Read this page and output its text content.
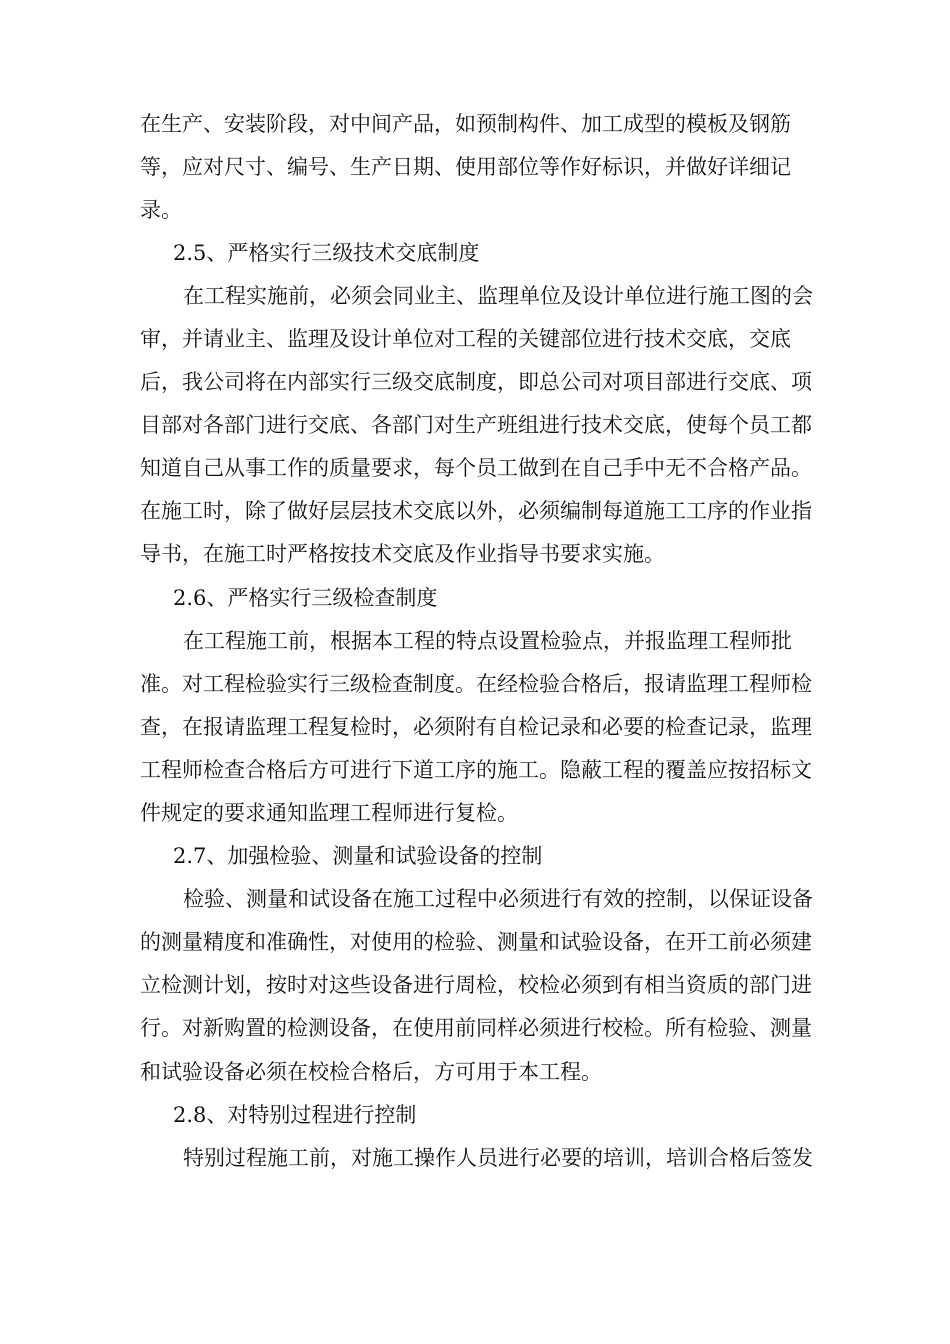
在生产、安装阶段，对中间产品，如预制构件、加工成型的模板及钢筋
等，应对尺寸、编号、生产日期、使用部位等作好标识，并做好详细记
录。
2.5、严格实行三级技术交底制度
在工程实施前，必须会同业主、监理单位及设计单位进行施工图的会
审，并请业主、监理及设计单位对工程的关键部位进行技术交底，交底
后，我公司将在内部实行三级交底制度，即总公司对项目部进行交底、项
目部对各部门进行交底、各部门对生产班组进行技术交底，使每个员工都
知道自己从事工作的质量要求，每个员工做到在自己手中无不合格产品。
在施工时，除了做好层层技术交底以外，必须编制每道施工工序的作业指
导书，在施工时严格按技术交底及作业指导书要求实施。
2.6、严格实行三级检查制度
在工程施工前，根据本工程的特点设置检验点，并报监理工程师批
准。对工程检验实行三级检查制度。在经检验合格后，报请监理工程师检
查，在报请监理工程复检时，必须附有自检记录和必要的检查记录，监理
工程师检查合格后方可进行下道工序的施工。隐蔽工程的覆盖应按招标文
件规定的要求通知监理工程师进行复检。
2.7、加强检验、测量和试验设备的控制
检验、测量和试设备在施工过程中必须进行有效的控制，以保证设备
的测量精度和准确性，对使用的检验、测量和试验设备，在开工前必须建
立检测计划，按时对这些设备进行周检，校检必须到有相当资质的部门进
行。对新购置的检测设备，在使用前同样必须进行校检。所有检验、测量
和试验设备必须在校检合格后，方可用于本工程。
2.8、对特别过程进行控制
特别过程施工前，对施工操作人员进行必要的培训，培训合格后签发
